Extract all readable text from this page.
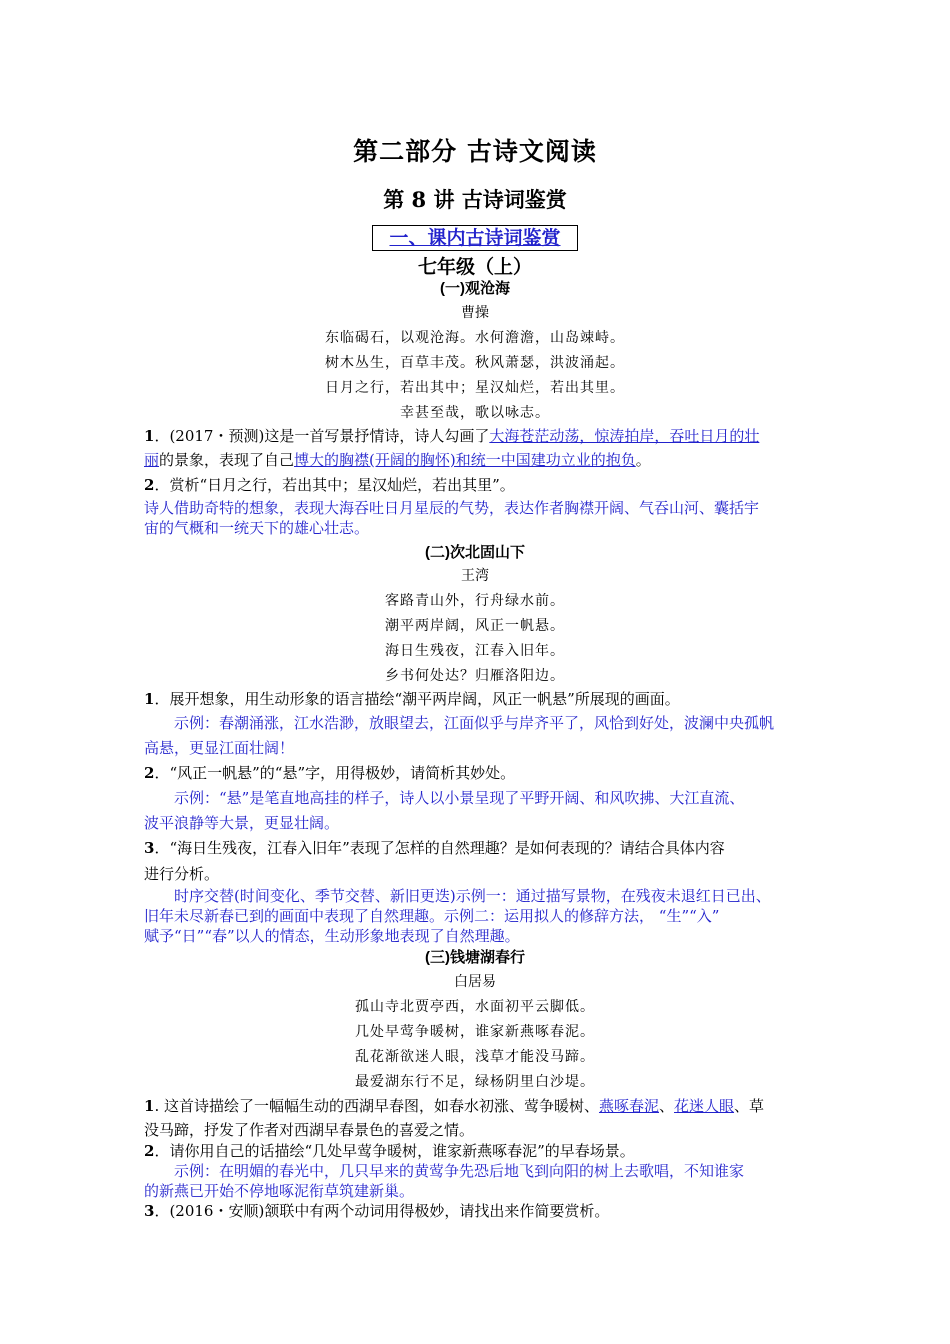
第二部分 古诗文阅读
第 8 讲 古诗词鉴赏
一、课内古诗词鉴赏
七年级（上）
(一)观沧海
曹操
东临碣石，以观沧海。水何澹澹，山岛竦峙。
树木丛生，百草丰茂。秋风萧瑟，洪波涌起。
日月之行，若出其中；星汉灿烂，若出其里。
幸甚至哉，歌以咏志。
1．(2017・预测)这是一首写景抒情诗，诗人勾画了大海苍茫动荡，惊涛拍岸，吞吐日月的壮
丽的景象，表现了自己博大的胸襟(开阔的胸怀)和统一中国建功立业的抱负。
2．赏析“日月之行，若出其中；星汉灿烂，若出其里”。
诗人借助奇特的想象，表现大海吞吐日月星辰的气势，表达作者胸襟开阔、气吞山河、囊括宇
宙的气概和一统天下的雄心壮志。
(二)次北固山下
王湾
客路青山外，行舟绿水前。
潮平两岸阔，风正一帆悬。
海日生残夜，江春入旧年。
乡书何处达？归雁洛阳边。
1．展开想象，用生动形象的语言描绘“潮平两岸阔，风正一帆悬”所展现的画面。
示例：春潮涌涨，江水浩渺，放眼望去，江面似乎与岸齐平了，风恰到好处，波澜中央孤帆
高悬，更显江面壮阔！
2．“风正一帆悬”的“悬”字，用得极妙，请简析其妙处。
示例：“悬”是笔直地高挂的样子，诗人以小景呈现了平野开阔、和风吹拂、大江直流、
波平浪静等大景，更显壮阔。
3．“海日生残夜，江春入旧年”表现了怎样的自然理趣？是如何表现的？请结合具体内容
进行分析。
时序交替(时间变化、季节交替、新旧更迭)示例一：通过描写景物，在残夜未退红日已出、
旧年未尽新春已到的画面中表现了自然理趣。示例二：运用拟人的修辞方法， “生”“入”
赋予“日”“春”以人的情态，生动形象地表现了自然理趣。
(三)钱塘湖春行
白居易
孤山寺北贾亭西，水面初平云脚低。
几处早莺争暖树，谁家新燕啄春泥。
乱花渐欲迷人眼，浅草才能没马蹄。
最爱湖东行不足，绿杨阴里白沙堤。
1. 这首诗描绘了一幅幅生动的西湖早春图，如春水初涨、莺争暖树、燕啄春泥、花迷人眼、草
没马蹄，抒发了作者对西湖早春景色的喜爱之情。
2．请你用自己的话描绘“几处早莺争暖树，谁家新燕啄春泥”的早春场景。
示例：在明媚的春光中，几只早来的黄莺争先恐后地飞到向阳的树上去歌唱，不知谁家
的新燕已开始不停地啄泥衔草筑建新巢。
3．(2016・安顺)颔联中有两个动词用得极妙，请找出来作简要赏析。
